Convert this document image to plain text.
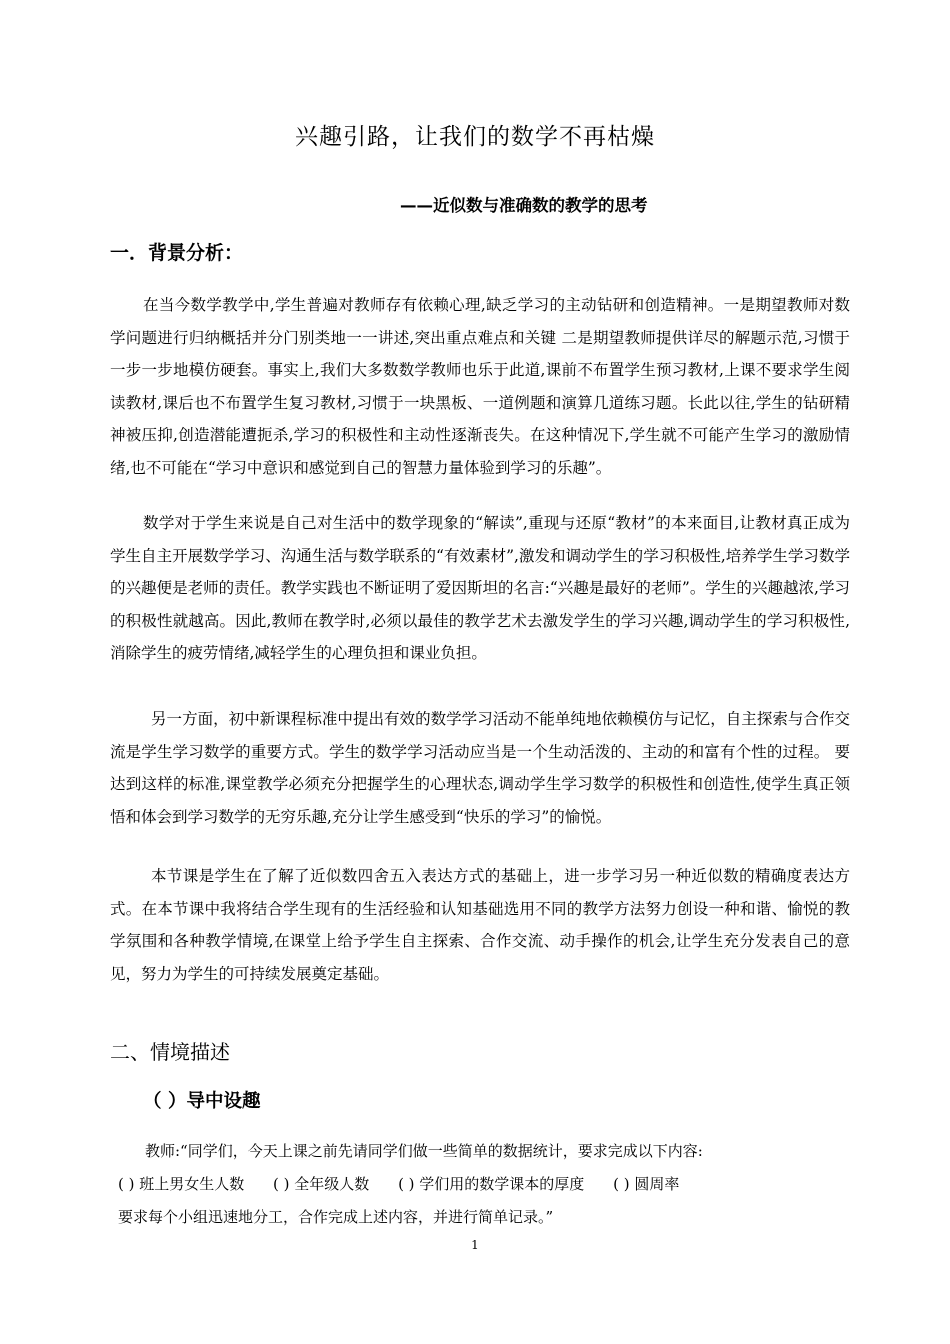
兴趣引路，让我们的数学不再枯燥
——近似数与准确数的教学的思考
一．背景分析：
在当今数学教学中,学生普遍对教师存有依赖心理,缺乏学习的主动钻研和创造精神。一是期望教师对数学问题进行归纳概括并分门别类地一一讲述,突出重点难点和关键 二是期望教师提供详尽的解题示范,习惯于一步一步地模仿硬套。事实上,我们大多数数学教师也乐于此道,课前不布置学生预习教材,上课不要求学生阅读教材,课后也不布置学生复习教材,习惯于一块黑板、一道例题和演算几道练习题。长此以往,学生的钻研精神被压抑,创造潜能遭扼杀,学习的积极性和主动性逐渐丧失。在这种情况下,学生就不可能产生学习的激励情绪,也不可能在“学习中意识和感觉到自己的智慧力量体验到学习的乐趣”。
数学对于学生来说是自己对生活中的数学现象的“解读”,重现与还原“教材”的本来面目,让教材真正成为学生自主开展数学学习、沟通生活与数学联系的“有效素材”,激发和调动学生的学习积极性,培养学生学习数学的兴趣便是老师的责任。教学实践也不断证明了爱因斯坦的名言:“兴趣是最好的老师”。学生的兴趣越浓,学习的积极性就越高。因此,教师在教学时,必须以最佳的教学艺术去激发学生的学习兴趣,调动学生的学习积极性,消除学生的疲劳情绪,减轻学生的心理负担和课业负担。
另一方面，初中新课程标准中提出有效的数学学习活动不能单纯地依赖模仿与记忆，自主探索与合作交流是学生学习数学的重要方式。学生的数学学习活动应当是一个生动活泼的、主动的和富有个性的过程。 要达到这样的标准,课堂教学必须充分把握学生的心理状态,调动学生学习数学的积极性和创造性,使学生真正领悟和体会到学习数学的无穷乐趣,充分让学生感受到“快乐的学习”的愉悦。
本节课是学生在了解了近似数四舍五入表达方式的基础上，进一步学习另一种近似数的精确度表达方式。在本节课中我将结合学生现有的生活经验和认知基础选用不同的教学方法努力创设一种和谐、愉悦的教学氛围和各种教学情境,在课堂上给予学生自主探索、合作交流、动手操作的机会,让学生充分发表自己的意见，努力为学生的可持续发展奠定基础。
二、情境描述
（ ）导中设趣
教师:“同学们，今天上课之前先请同学们做一些简单的数据统计，要求完成以下内容:
( ) 班上男女生人数 ( ) 全年级人数 ( ) 学们用的数学课本的厚度 ( ) 圆周率
要求每个小组迅速地分工，合作完成上述内容，并进行简单记录。”
1
